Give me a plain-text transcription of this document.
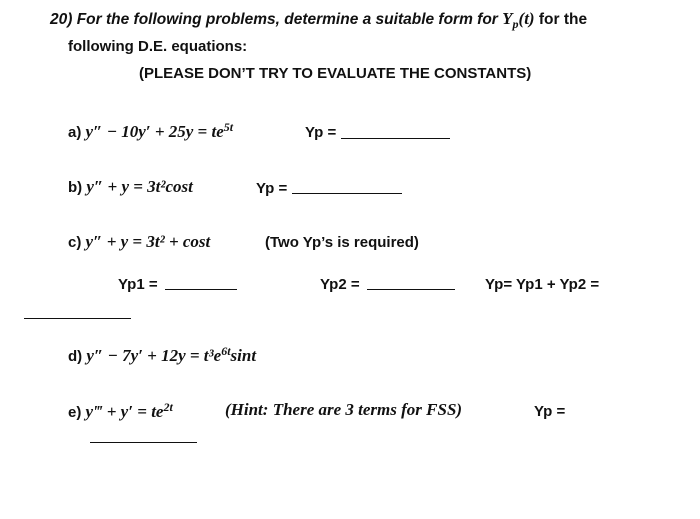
20) For the following problems, determine a suitable form for $Y_p(t)$ for the
following D.E. equations:
(PLEASE DON’T TRY TO EVALUATE THE CONSTANTS)
a) $y'' - 10y' + 25y = te^{5t}$	Yp =
b) y″ + y = 3t²cost	Yp =
c) y″ + y = 3t² + cost	(Two Yp’s is required)
Yp1 =	Yp2 =	Yp= Yp1 + Yp2 =
d) $y'' - 7y' + 12y = t^3e^{6t}\sin t$
e) y‴ + $y' = te^{2t}$	(Hint: There are 3 terms for FSS)	Yp =
